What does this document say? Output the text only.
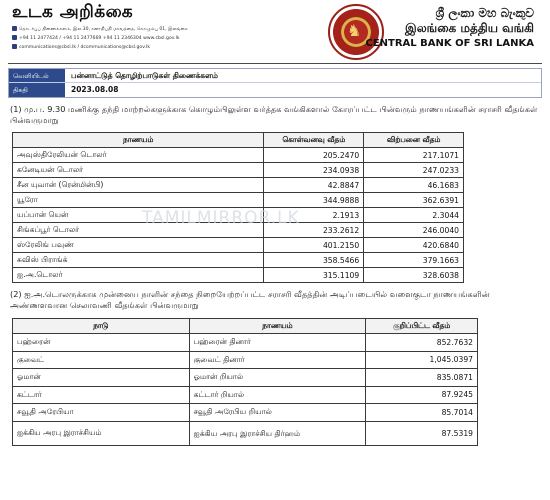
உடக அறிக்கை
தொடர்புப் திணைக்களம், இல.30, சனாதிபதி மாவத்தை, கொழும்பு 01, இலங்கை
+94 11 2477424 / +94 11 2477669 +94 11 2346304 www.cbsl.gov.lk
communications@cbsl.lk / dcommunications@cbsl.gov.lk
♞
ශ්‍රී ලංකා මහ බැංකුව
இலங்கை மத்திய வங்கி
CENTRAL BANK OF SRI LANKA
வெளியிடல்	பன்னாட்டுத் தொழிற்பாடுகள் திணைக்களம்
திகதி	2023.08.08

(1) மு.ப. 9.30 மணிக்கு தந்தி மாற்றல்களுக்காக கொழும்பிலுள்ள வர்த்தக வங்கிகளால் கோரப்பட்ட பின்வரும் நாணயங்களின் சராசரி வீதங்கள் பின்வருமாறு

நாணயம்	கொள்வனவு வீதம்	விற்பனை வீதம்
அவுஸ்திரேலியன் டொலர்	205.2470	217.1071
கனேடியன் டொலர்	234.0938	247.0233
சீன யுவான் (ரென்மின்பி)	42.8847	46.1683
யூரோ	344.9888	362.6391
யப்பான் யென்	2.1913	2.3044
சிங்கப்பூர் டொலர்	233.2612	246.0040
ஸ்ரேலிங் பவுண்	401.2150	420.6840
சுவிஸ் பிராங்க்	358.5466	379.1663
ஐ.அ.டொலர்	315.1109	328.6038

(2) ஐ.அ.டொலருக்காக முன்னைய நாளின் சந்தை நிறையேற்றப்பட்ட சராசரி வீதத்தின் அடிப்படையில் வளைகுடா நாணயங்களின் அண்ணளவான செலாவணி வீதங்கள் பின்வருமாறு

நாடு	நாணயம்	குறிப்பிட்ட வீதம்
பஹ்ரைன்	பஹ்ரைன் தினார்	852.7632
குவைட்	குவைட் தினார்	1,045.0397
ஓமான்	ஓமான் றியால்	835.0871
கட்டார்	கட்டார் றியால்	87.9245
சவூதி அரேபியா	சவூதி அரேபிய றியால்	85.7014
ஐக்கிய அரபு இராச்சியம்	ஐக்கிய அரபு இராச்சிய திர்ஹம்	87.5319
TAMILMIRROR.LK
